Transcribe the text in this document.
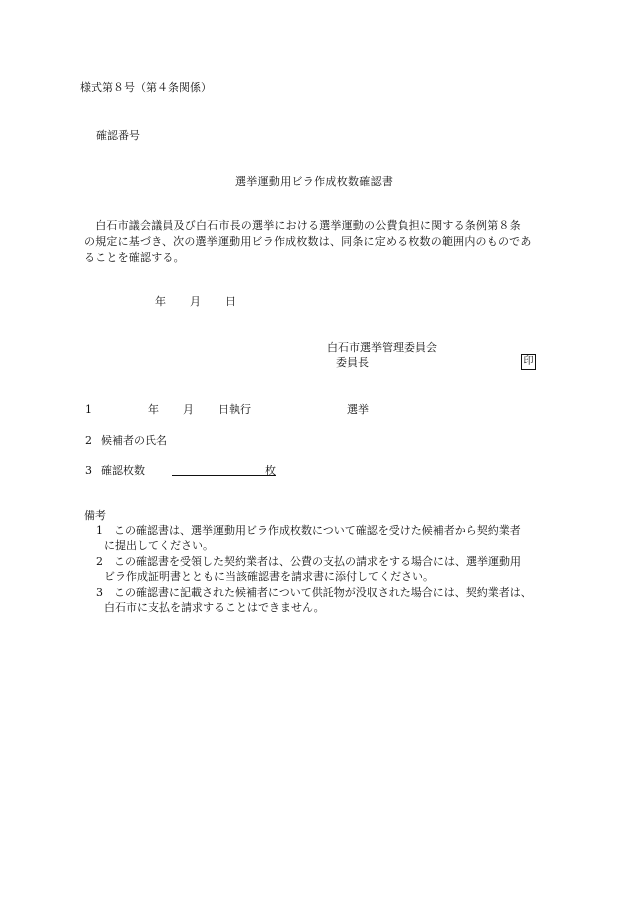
様式第８号（第４条関係）
確認番号
選挙運動用ビラ作成枚数確認書
　白石市議会議員及び白石市長の選挙における選挙運動の公費負担に関する条例第８条
の規定に基づき、次の選挙運動用ビラ作成枚数は、同条に定める枚数の範囲内のものであ
ることを確認する。
年 月 日
白石市選挙管理委員会
委員長	印
1	年 月 日執行	選挙
2 候補者の氏名
3 確認枚数	枚
備考
1　この確認書は、選挙運動用ビラ作成枚数について確認を受けた候補者から契約業者
に提出してください。
2　この確認書を受領した契約業者は、公費の支払の請求をする場合には、選挙運動用
ビラ作成証明書とともに当該確認書を請求書に添付してください。
3　この確認書に記載された候補者について供託物が没収された場合には、契約業者は、
白石市に支払を請求することはできません。
